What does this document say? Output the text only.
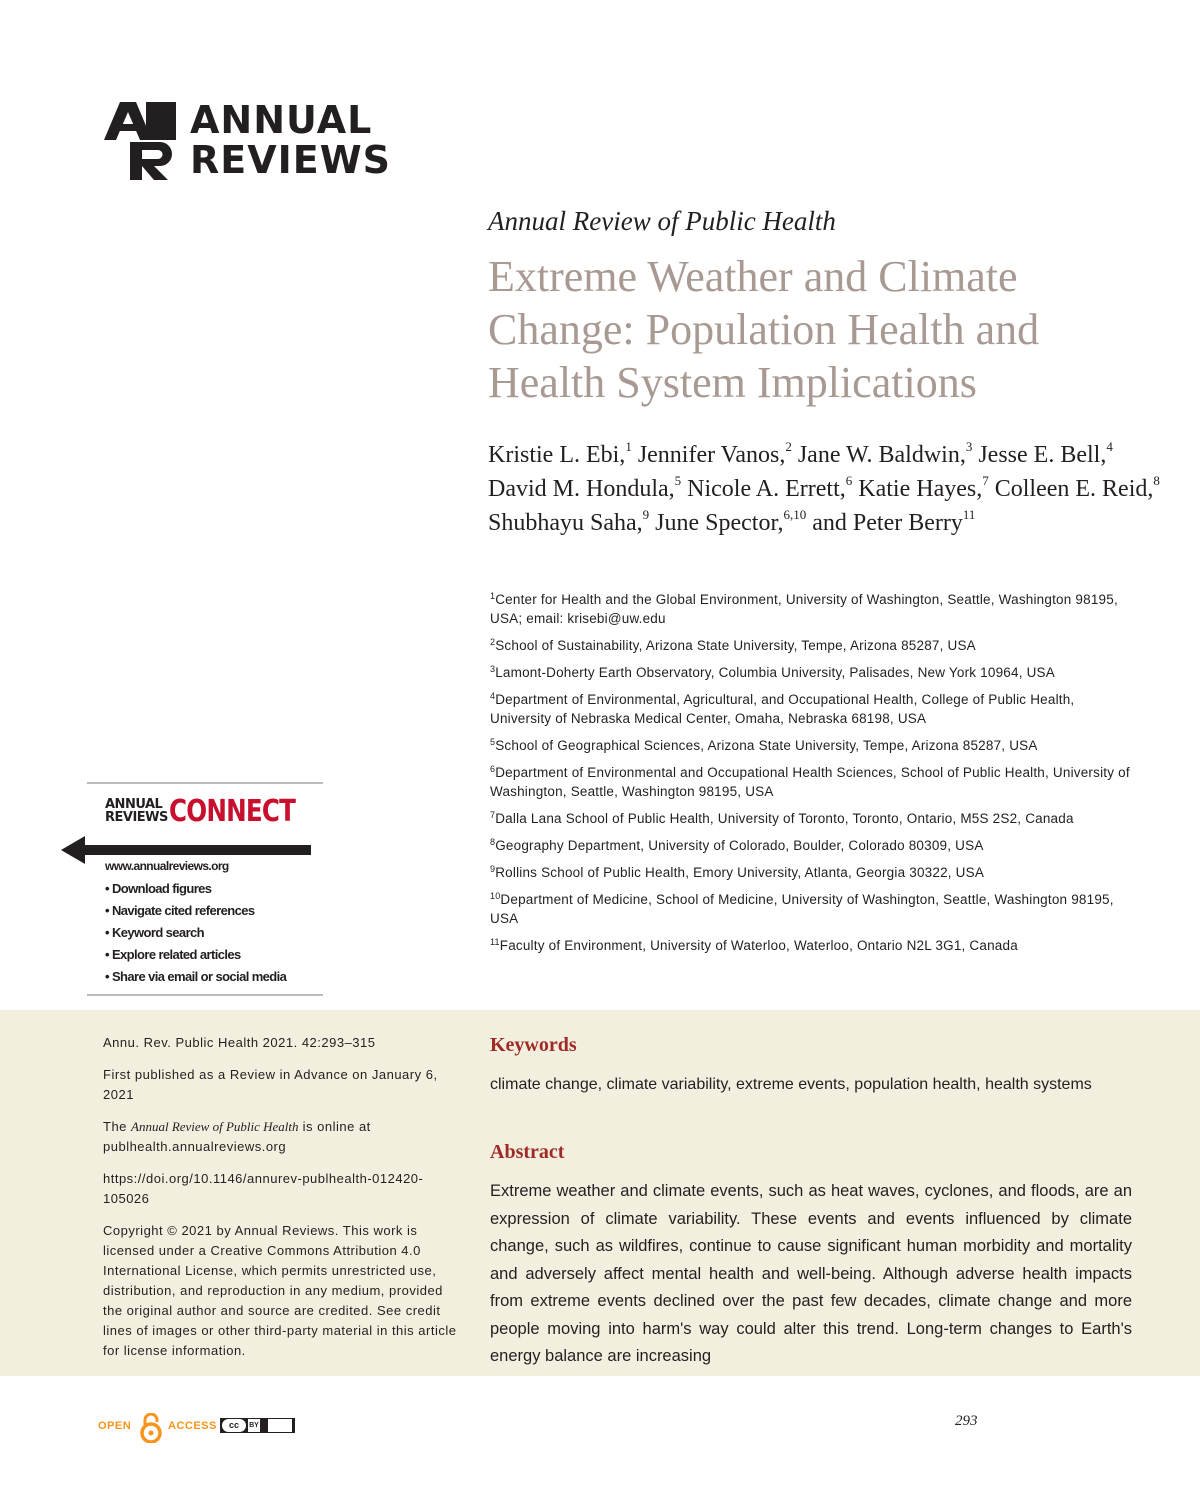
ANNUAL
REVIEWS
Annual Review of Public Health
Extreme Weather and Climate Change: Population Health and Health System Implications
Kristie L. Ebi,$^1$ Jennifer Vanos,$^2$ Jane W. Baldwin,$^3$ Jesse E. Bell,$^4$ David M. Hondula,$^5$ Nicole A. Errett,$^6$ Katie Hayes,$^7$ Colleen E. Reid,$^8$ Shubhayu Saha,$^9$ June Spector,$^{6,10}$ and Peter Berry$^{11}$
$^1$Center for Health and the Global Environment, University of Washington, Seattle, Washington 98195, USA; email: krisebi@uw.edu
$^2$School of Sustainability, Arizona State University, Tempe, Arizona 85287, USA
$^3$Lamont-Doherty Earth Observatory, Columbia University, Palisades, New York 10964, USA
$^4$Department of Environmental, Agricultural, and Occupational Health, College of Public Health, University of Nebraska Medical Center, Omaha, Nebraska 68198, USA
$^5$School of Geographical Sciences, Arizona State University, Tempe, Arizona 85287, USA
$^6$Department of Environmental and Occupational Health Sciences, School of Public Health, University of Washington, Seattle, Washington 98195, USA
$^7$Dalla Lana School of Public Health, University of Toronto, Toronto, Ontario, M5S 2S2, Canada
$^8$Geography Department, University of Colorado, Boulder, Colorado 80309, USA
$^9$Rollins School of Public Health, Emory University, Atlanta, Georgia 30322, USA
$^{10}$Department of Medicine, School of Medicine, University of Washington, Seattle, Washington 98195, USA
$^{11}$Faculty of Environment, University of Waterloo, Waterloo, Ontario N2L 3G1, Canada
ANNUAL
REVIEWS CONNECT
www.annualreviews.org
• Download figures
• Navigate cited references
• Keyword search
• Explore related articles
• Share via email or social media

Annu. Rev. Public Health 2021. 42:293–315

First published as a Review in Advance on January 6, 2021

The Annual Review of Public Health is online at publhealth.annualreviews.org

https://doi.org/10.1146/annurev-publhealth-012420-105026

Copyright © 2021 by Annual Reviews. This work is licensed under a Creative Commons Attribution 4.0 International License, which permits unrestricted use, distribution, and reproduction in any medium, provided the original author and source are credited. See credit lines of images or other third-party material in this article for license information.

Keywords
climate change, climate variability, extreme events, population health, health systems
Abstract
Extreme weather and climate events, such as heat waves, cyclones, and floods, are an expression of climate variability. These events and events influenced by climate change, such as wildfires, continue to cause significant human morbidity and mortality and adversely affect mental health and well-being. Although adverse health impacts from extreme events declined over the past few decades, climate change and more people moving into harm's way could alter this trend. Long-term changes to Earth's energy balance are increasing
OPEN	ACCESS	cc	BY	293
